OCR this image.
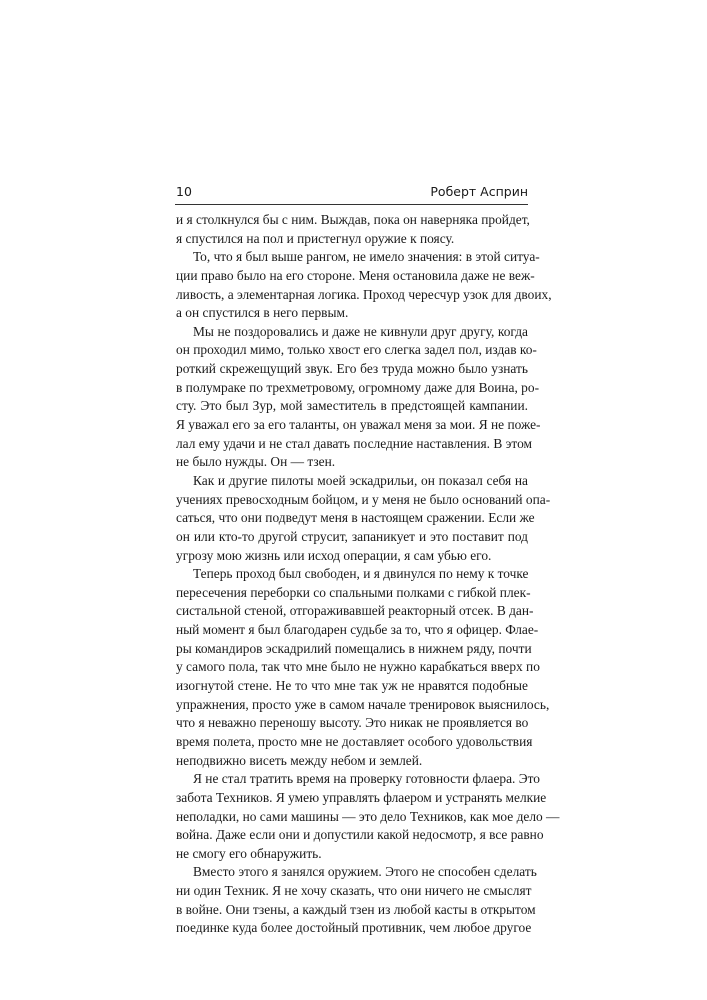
10	Роберт Асприн
и я столкнулся бы с ним. Выждав, пока он наверняка пройдет,
я спустился на пол и пристегнул оружие к поясу.
То, что я был выше рангом, не имело значения: в этой ситуа-
ции право было на его стороне. Меня остановила даже не веж-
ливость, а элементарная логика. Проход чересчур узок для двоих,
а он спустился в него первым.
Мы не поздоровались и даже не кивнули друг другу, когда
он проходил мимо, только хвост его слегка задел пол, издав ко-
роткий скрежещущий звук. Его без труда можно было узнать
в полумраке по трехметровому, огромному даже для Воина, ро-
сту. Это был Зур, мой заместитель в предстоящей кампании.
Я уважал его за его таланты, он уважал меня за мои. Я не поже-
лал ему удачи и не стал давать последние наставления. В этом
не было нужды. Он — тзен.
Как и другие пилоты моей эскадрильи, он показал себя на
учениях превосходным бойцом, и у меня не было оснований опа-
саться, что они подведут меня в настоящем сражении. Если же
он или кто-то другой струсит, запаникует и это поставит под
угрозу мою жизнь или исход операции, я сам убью его.
Теперь проход был свободен, и я двинулся по нему к точке
пересечения переборки со спальными полками с гибкой плек-
систальной стеной, отгораживавшей реакторный отсек. В дан-
ный момент я был благодарен судьбе за то, что я офицер. Флае-
ры командиров эскадрилий помещались в нижнем ряду, почти
у самого пола, так что мне было не нужно карабкаться вверх по
изогнутой стене. Не то что мне так уж не нравятся подобные
упражнения, просто уже в самом начале тренировок выяснилось,
что я неважно переношу высоту. Это никак не проявляется во
время полета, просто мне не доставляет особого удовольствия
неподвижно висеть между небом и землей.
Я не стал тратить время на проверку готовности флаера. Это
забота Техников. Я умею управлять флаером и устранять мелкие
неполадки, но сами машины — это дело Техников, как мое дело —
война. Даже если они и допустили какой недосмотр, я все равно
не смогу его обнаружить.
Вместо этого я занялся оружием. Этого не способен сделать
ни один Техник. Я не хочу сказать, что они ничего не смыслят
в войне. Они тзены, а каждый тзен из любой касты в открытом
поединке куда более достойный противник, чем любое другое
